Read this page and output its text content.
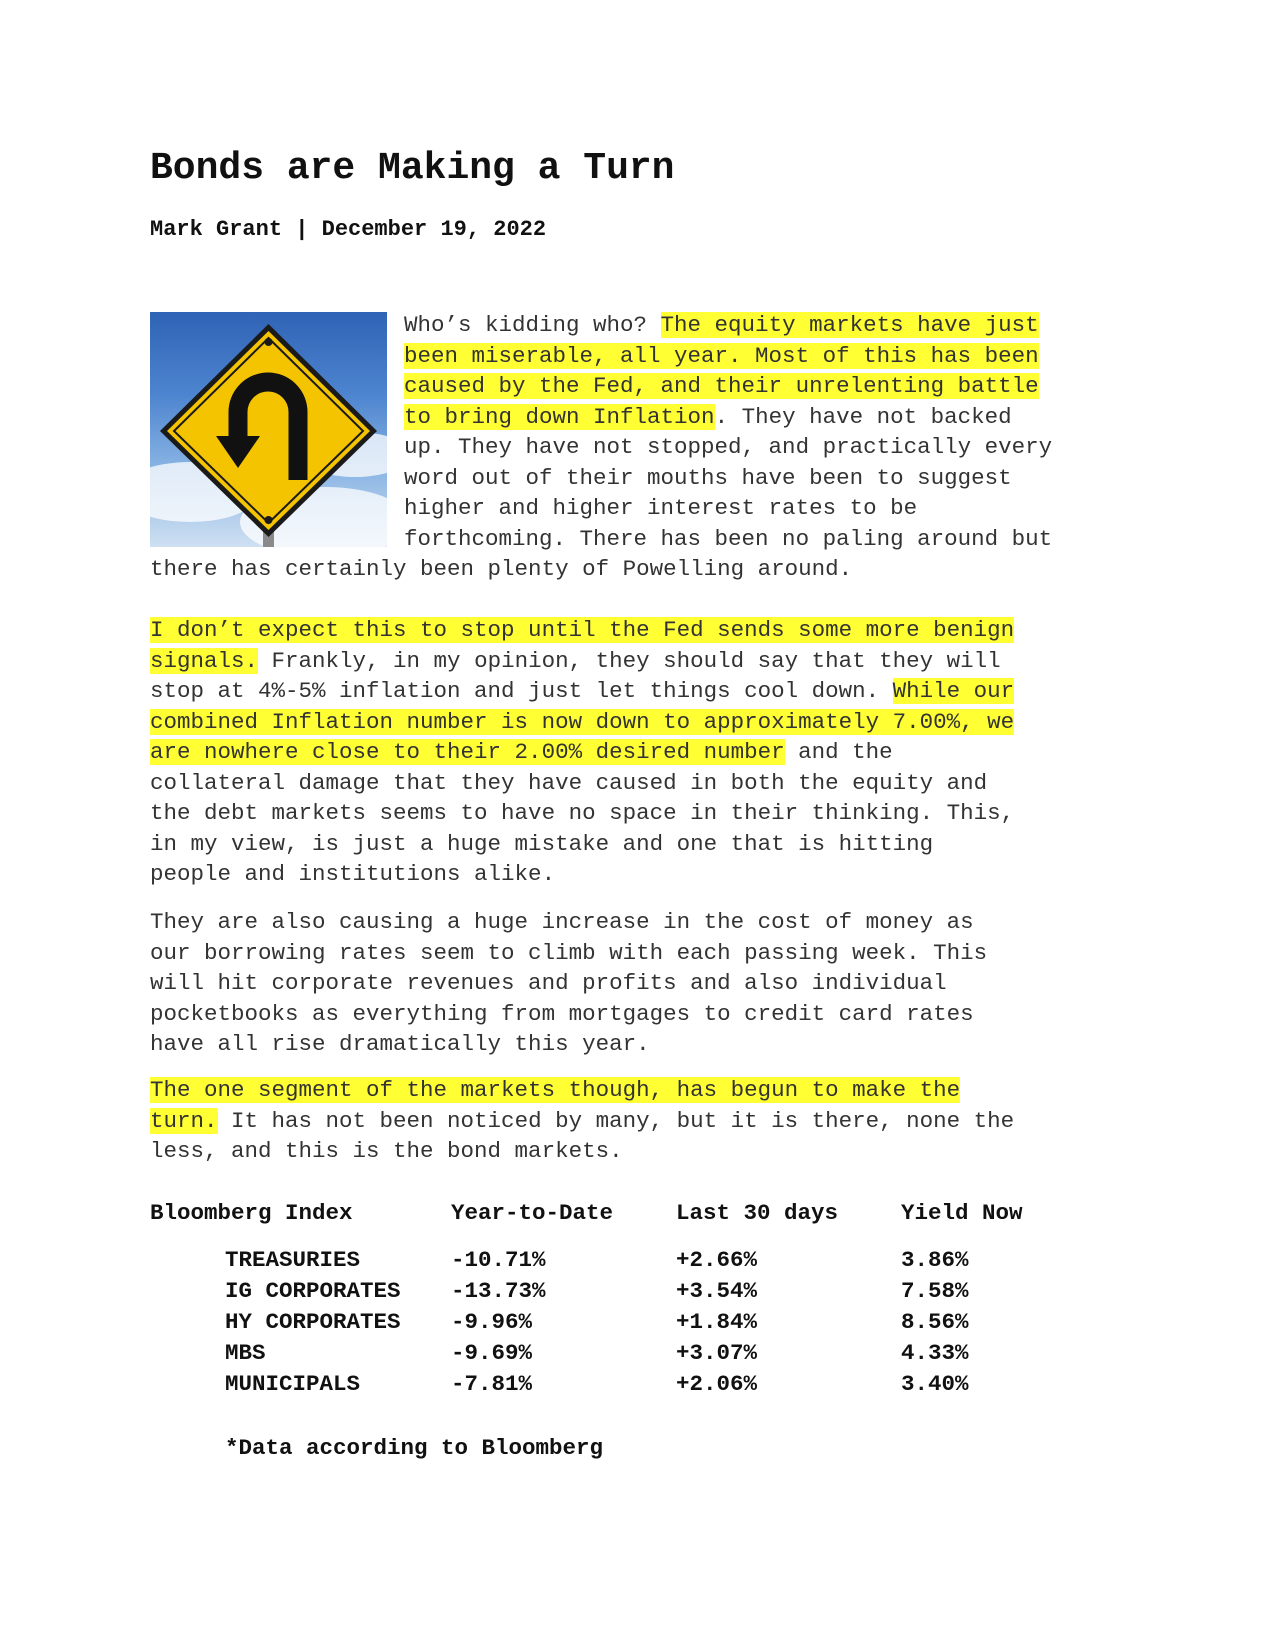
Bonds are Making a Turn
Mark Grant | December 19, 2022
Who’s kidding who? The equity markets have just
been miserable, all year. Most of this has been
caused by the Fed, and their unrelenting battle
to bring down Inflation. They have not backed
up. They have not stopped, and practically every
word out of their mouths have been to suggest
higher and higher interest rates to be
forthcoming. There has been no paling around but
there has certainly been plenty of Powelling around.
I don’t expect this to stop until the Fed sends some more benign
signals. Frankly, in my opinion, they should say that they will
stop at 4%-5% inflation and just let things cool down. While our
combined Inflation number is now down to approximately 7.00%, we
are nowhere close to their 2.00% desired number and the
collateral damage that they have caused in both the equity and
the debt markets seems to have no space in their thinking. This,
in my view, is just a huge mistake and one that is hitting
people and institutions alike.
They are also causing a huge increase in the cost of money as
our borrowing rates seem to climb with each passing week. This
will hit corporate revenues and profits and also individual
pocketbooks as everything from mortgages to credit card rates
have all rise dramatically this year.
The one segment of the markets though, has begun to make the
turn. It has not been noticed by many, but it is there, none the
less, and this is the bond markets.
Bloomberg Index	Year-to-Date	Last 30 days	Yield Now
TREASURIES	-10.71%	+2.66%	3.86%
IG CORPORATES	-13.73%	+3.54%	7.58%
HY CORPORATES	-9.96%	+1.84%	8.56%
MBS	-9.69%	+3.07%	4.33%
MUNICIPALS	-7.81%	+2.06%	3.40%
*Data according to Bloomberg
